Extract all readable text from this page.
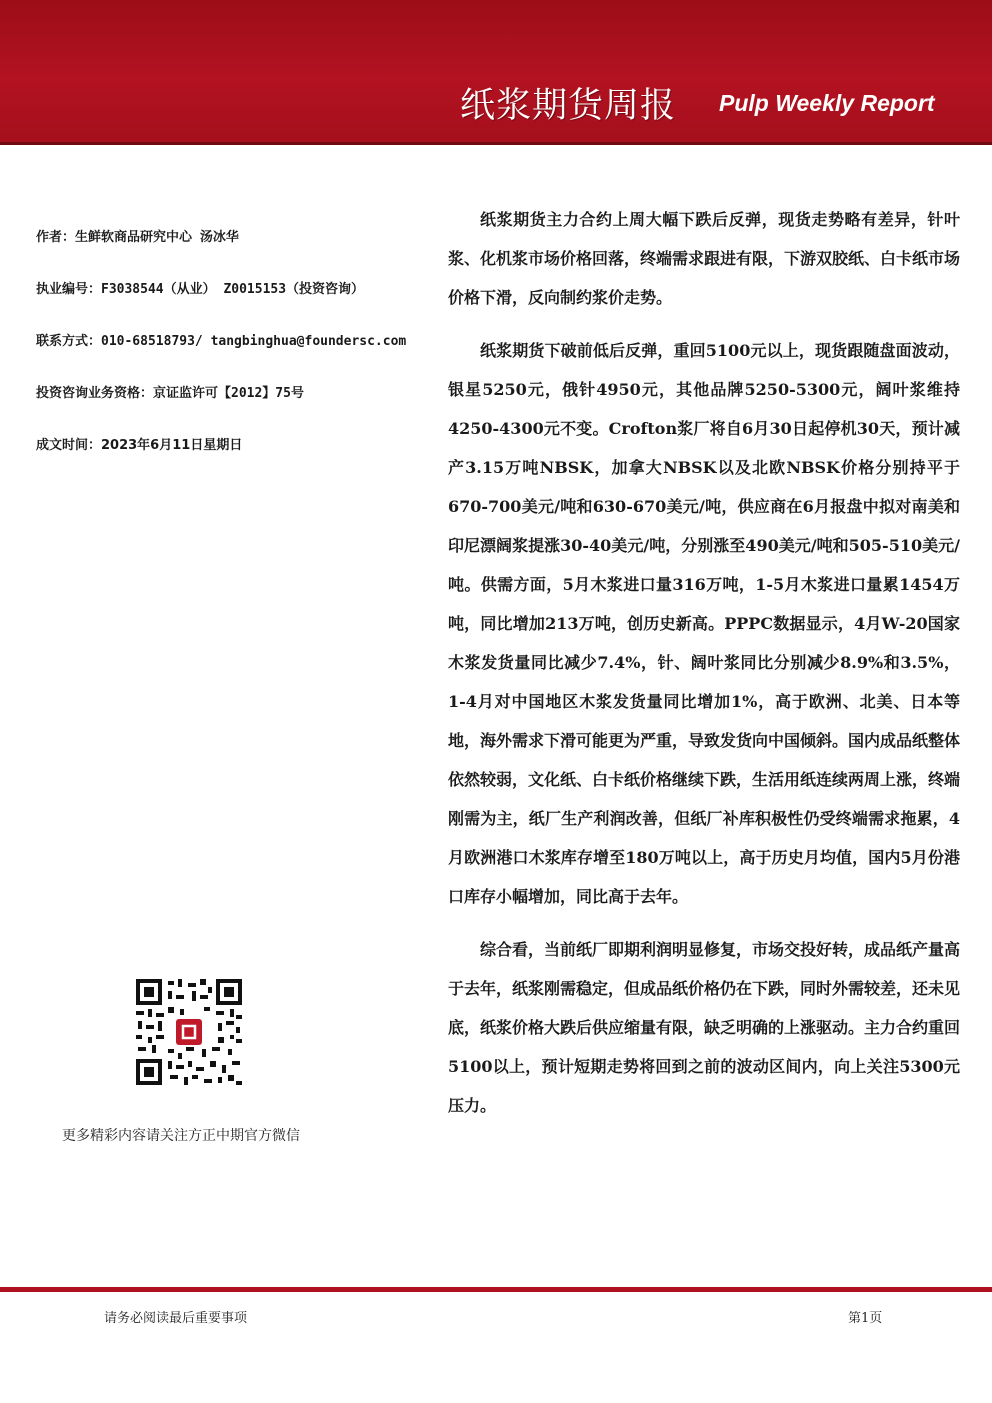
纸浆期货周报 Pulp Weekly Report
作者：生鲜软商品研究中心 汤冰华
执业编号：F3038544（从业） Z0015153（投资咨询）
联系方式：010-68518793/ tangbinghua@foundersc.com
投资咨询业务资格：京证监许可【2012】75号
成文时间：2023年6月11日星期日
更多精彩内容请关注方正中期官方微信

纸浆期货主力合约上周大幅下跌后反弹，现货走势略有差异，针叶浆、化机浆市场价格回落，终端需求跟进有限，下游双胶纸、白卡纸市场价格下滑，反向制约浆价走势。

纸浆期货下破前低后反弹，重回5100元以上，现货跟随盘面波动，银星5250元，俄针4950元，其他品牌5250-5300元，阔叶浆维持4250-4300元不变。Crofton浆厂将自6月30日起停机30天，预计减产3.15万吨NBSK，加拿大NBSK以及北欧NBSK价格分别持平于670-700美元/吨和630-670美元/吨，供应商在6月报盘中拟对南美和印尼漂阔浆提涨30-40美元/吨，分别涨至490美元/吨和505-510美元/吨。供需方面，5月木浆进口量316万吨，1-5月木浆进口量累1454万吨，同比增加213万吨，创历史新高。PPPC数据显示，4月W-20国家木浆发货量同比减少7.4%，针、阔叶浆同比分别减少8.9%和3.5%，1-4月对中国地区木浆发货量同比增加1%，高于欧洲、北美、日本等地，海外需求下滑可能更为严重，导致发货向中国倾斜。国内成品纸整体依然较弱，文化纸、白卡纸价格继续下跌，生活用纸连续两周上涨，终端刚需为主，纸厂生产利润改善，但纸厂补库积极性仍受终端需求拖累，4月欧洲港口木浆库存增至180万吨以上，高于历史月均值，国内5月份港口库存小幅增加，同比高于去年。

综合看，当前纸厂即期利润明显修复，市场交投好转，成品纸产量高于去年，纸浆刚需稳定，但成品纸价格仍在下跌，同时外需较差，还未见底，纸浆价格大跌后供应缩量有限，缺乏明确的上涨驱动。主力合约重回5100以上，预计短期走势将回到之前的波动区间内，向上关注5300元压力。

请务必阅读最后重要事项	第1页
